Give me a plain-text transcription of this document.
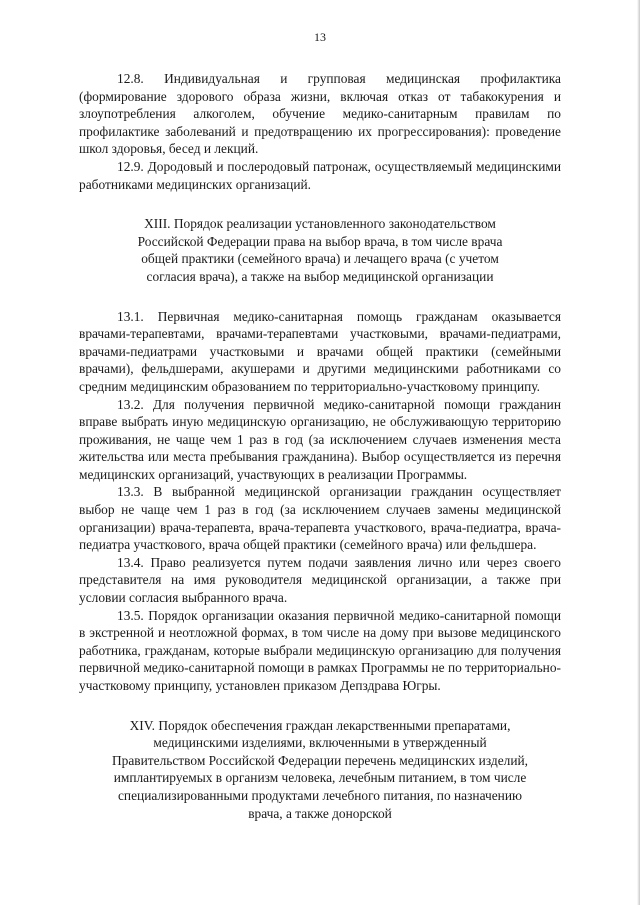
13

12.8. Индивидуальная и групповая медицинская профилактика (формирование здорового образа жизни, включая отказ от табакокурения и злоупотребления алкоголем, обучение медико-санитарным правилам по профилактике заболеваний и предотвращению их прогрессирования): проведение школ здоровья, бесед и лекций.

12.9. Дородовый и послеродовый патронаж, осуществляемый медицинскими работниками медицинских организаций.

XIII. Порядок реализации установленного законодательством Российской Федерации права на выбор врача, в том числе врача общей практики (семейного врача) и лечащего врача (с учетом согласия врача), а также на выбор медицинской организации

13.1. Первичная медико-санитарная помощь гражданам оказывается врачами-терапевтами, врачами-терапевтами участковыми, врачами-педиатрами, врачами-педиатрами участковыми и врачами общей практики (семейными врачами), фельдшерами, акушерами и другими медицинскими работниками со средним медицинским образованием по территориально-участковому принципу.

13.2. Для получения первичной медико-санитарной помощи гражданин вправе выбрать иную медицинскую организацию, не обслуживающую территорию проживания, не чаще чем 1 раз в год (за исключением случаев изменения места жительства или места пребывания гражданина). Выбор осуществляется из перечня медицинских организаций, участвующих в реализации Программы.

13.3. В выбранной медицинской организации гражданин осуществляет выбор не чаще чем 1 раз в год (за исключением случаев замены медицинской организации) врача-терапевта, врача-терапевта участкового, врача-педиатра, врача-педиатра участкового, врача общей практики (семейного врача) или фельдшера.

13.4. Право реализуется путем подачи заявления лично или через своего представителя на имя руководителя медицинской организации, а также при условии согласия выбранного врача.

13.5. Порядок организации оказания первичной медико-санитарной помощи в экстренной и неотложной формах, в том числе на дому при вызове медицинского работника, гражданам, которые выбрали медицинскую организацию для получения первичной медико-санитарной помощи в рамках Программы не по территориально-участковому принципу, установлен приказом Депздрава Югры.

XIV. Порядок обеспечения граждан лекарственными препаратами, медицинскими изделиями, включенными в утвержденный Правительством Российской Федерации перечень медицинских изделий, имплантируемых в организм человека, лечебным питанием, в том числе специализированными продуктами лечебного питания, по назначению врача, а также донорской
